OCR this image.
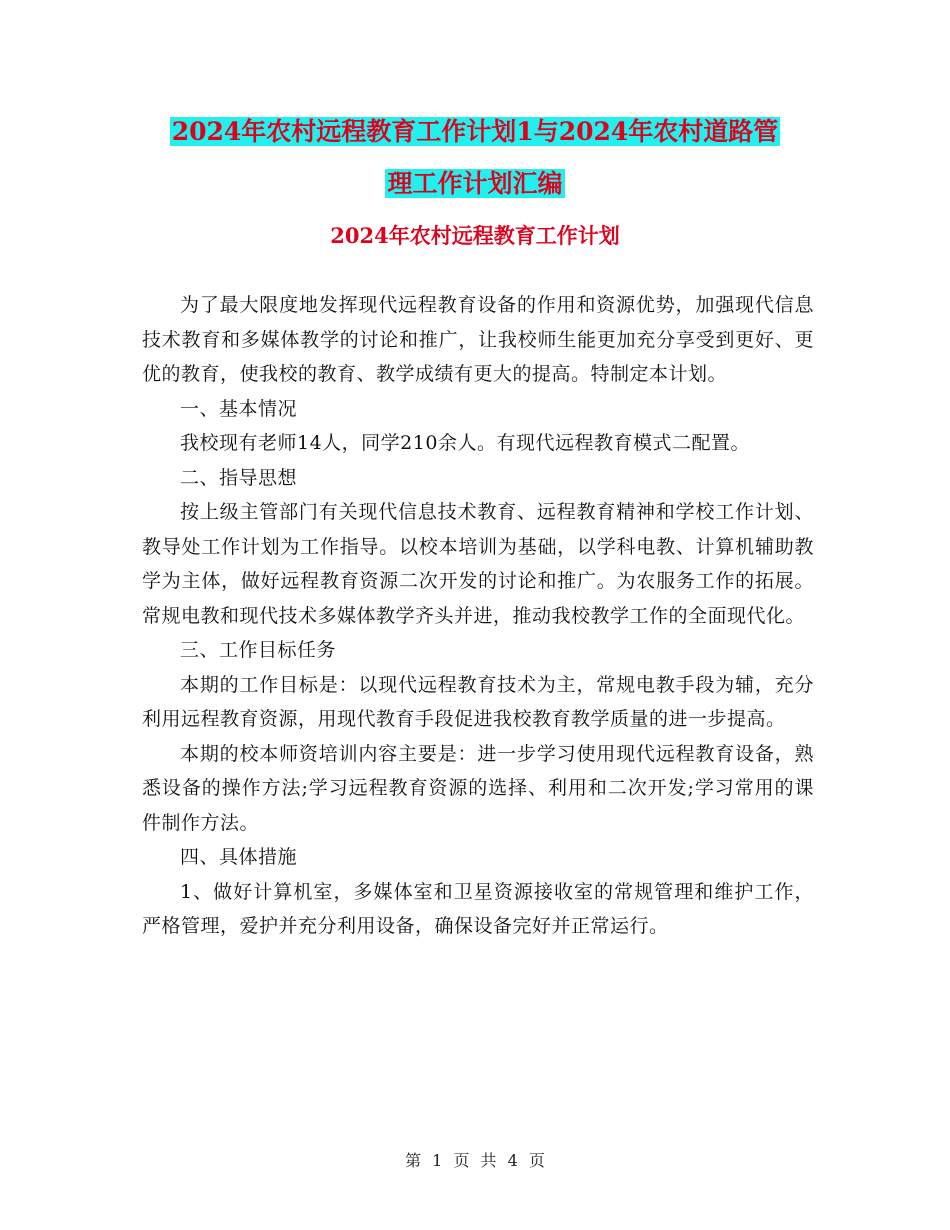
2024年农村远程教育工作计划1与2024年农村道路管
理工作计划汇编
2024年农村远程教育工作计划

为了最大限度地发挥现代远程教育设备的作用和资源优势，加强现代信息技术教育和多媒体教学的讨论和推广，让我校师生能更加充分享受到更好、更优的教育，使我校的教育、教学成绩有更大的提高。特制定本计划。

一、基本情况

我校现有老师14人，同学210余人。有现代远程教育模式二配置。

二、指导思想

按上级主管部门有关现代信息技术教育、远程教育精神和学校工作计划、教导处工作计划为工作指导。以校本培训为基础，以学科电教、计算机辅助教学为主体，做好远程教育资源二次开发的讨论和推广。为农服务工作的拓展。常规电教和现代技术多媒体教学齐头并进，推动我校教学工作的全面现代化。

三、工作目标任务

本期的工作目标是：以现代远程教育技术为主，常规电教手段为辅，充分利用远程教育资源，用现代教育手段促进我校教育教学质量的进一步提高。

本期的校本师资培训内容主要是：进一步学习使用现代远程教育设备，熟悉设备的操作方法;学习远程教育资源的选择、利用和二次开发;学习常用的课件制作方法。

四、具体措施

1、做好计算机室，多媒体室和卫星资源接收室的常规管理和维护工作，严格管理，爱护并充分利用设备，确保设备完好并正常运行。

第 1 页 共 4 页
